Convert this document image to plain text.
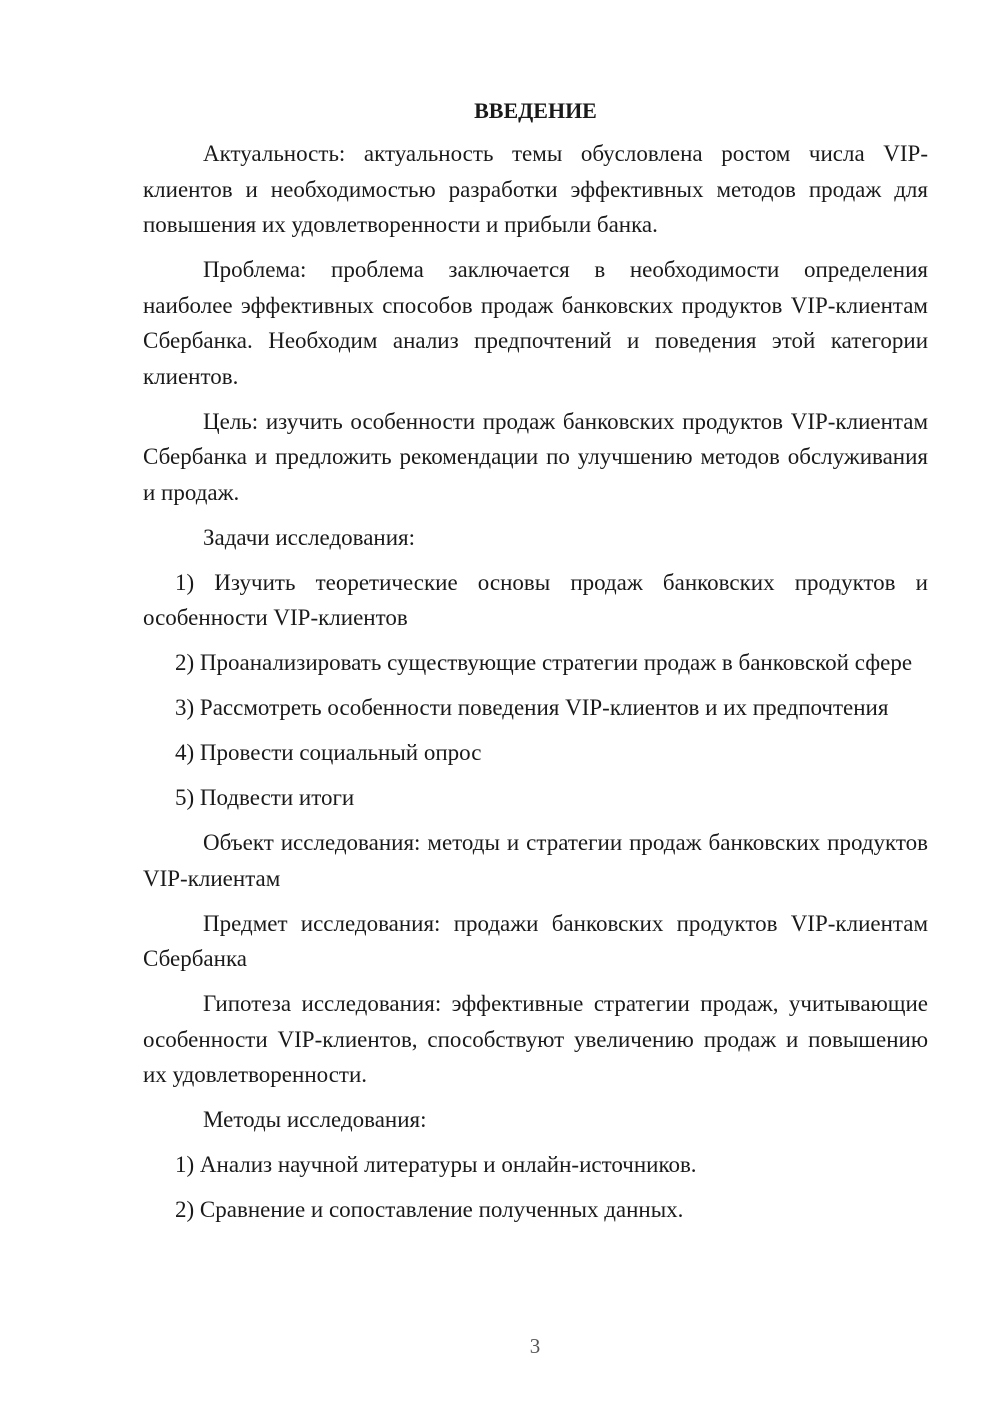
ВВЕДЕНИЕ

Актуальность: актуальность темы обусловлена ростом числа VIP-клиентов и необходимостью разработки эффективных методов продаж для повышения их удовлетворенности и прибыли банка.

Проблема: проблема заключается в необходимости определения наиболее эффективных способов продаж банковских продуктов VIP-клиентам Сбербанка. Необходим анализ предпочтений и поведения этой категории клиентов.

Цель: изучить особенности продаж банковских продуктов VIP-клиентам Сбербанка и предложить рекомендации по улучшению методов обслуживания и продаж.

Задачи исследования:

1) Изучить теоретические основы продаж банковских продуктов и особенности VIP-клиентов

2) Проанализировать существующие стратегии продаж в банковской сфере

3) Рассмотреть особенности поведения VIP-клиентов и их предпочтения

4) Провести социальный опрос

5) Подвести итоги

Объект исследования: методы и стратегии продаж банковских продуктов VIP-клиентам

Предмет исследования: продажи банковских продуктов VIP-клиентам Сбербанка

Гипотеза исследования: эффективные стратегии продаж, учитывающие особенности VIP-клиентов, способствуют увеличению продаж и повышению их удовлетворенности.

Методы исследования:

1) Анализ научной литературы и онлайн-источников.

2) Сравнение и сопоставление полученных данных.

3
